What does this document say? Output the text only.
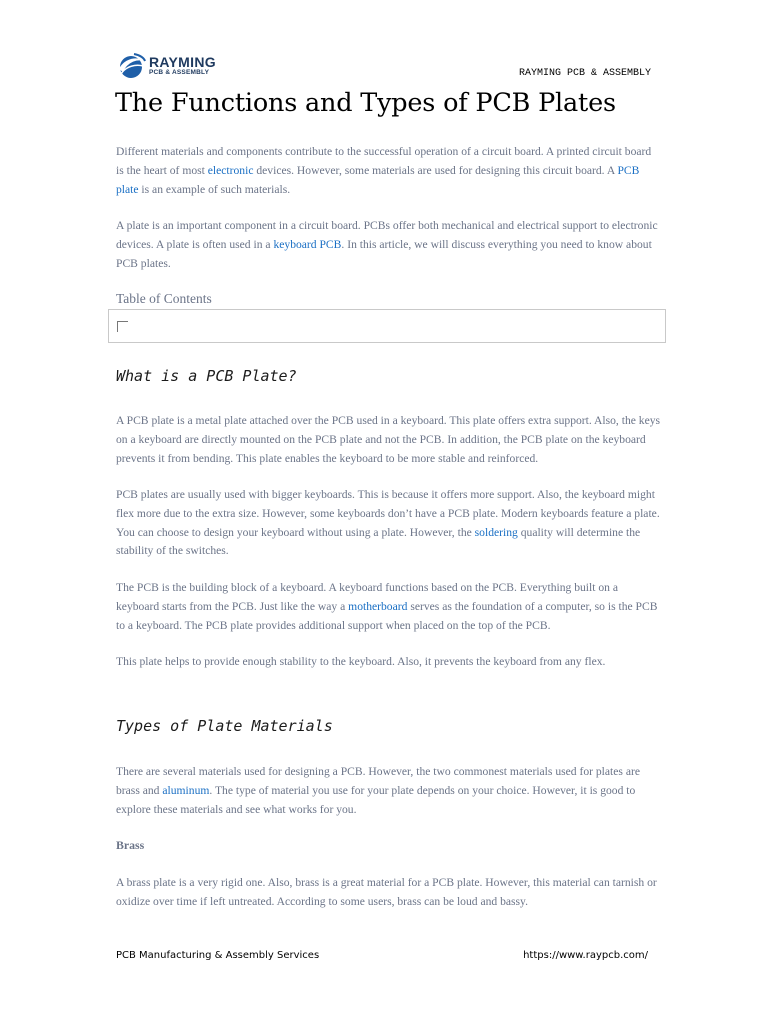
RAYMING
PCB & ASSEMBLY	RAYMING PCB & ASSEMBLY
The Functions and Types of PCB Plates

Different materials and components contribute to the successful operation of a circuit board. A printed circuit board is the heart of most electronic devices. However, some materials are used for designing this circuit board. A PCB plate is an example of such materials.

A plate is an important component in a circuit board. PCBs offer both mechanical and electrical support to electronic devices. A plate is often used in a keyboard PCB. In this article, we will discuss everything you need to know about PCB plates.

Table of Contents
What is a PCB Plate?

A PCB plate is a metal plate attached over the PCB used in a keyboard. This plate offers extra support. Also, the keys on a keyboard are directly mounted on the PCB plate and not the PCB. In addition, the PCB plate on the keyboard prevents it from bending. This plate enables the keyboard to be more stable and reinforced.

PCB plates are usually used with bigger keyboards. This is because it offers more support. Also, the keyboard might flex more due to the extra size. However, some keyboards don’t have a PCB plate. Modern keyboards feature a plate. You can choose to design your keyboard without using a plate. However, the soldering quality will determine the stability of the switches.

The PCB is the building block of a keyboard. A keyboard functions based on the PCB. Everything built on a keyboard starts from the PCB. Just like the way a motherboard serves as the foundation of a computer, so is the PCB to a keyboard. The PCB plate provides additional support when placed on the top of the PCB.

This plate helps to provide enough stability to the keyboard. Also, it prevents the keyboard from any flex.

Types of Plate Materials

There are several materials used for designing a PCB. However, the two commonest materials used for plates are brass and aluminum. The type of material you use for your plate depends on your choice. However, it is good to explore these materials and see what works for you.

Brass

A brass plate is a very rigid one. Also, brass is a great material for a PCB plate. However, this material can tarnish or oxidize over time if left untreated. According to some users, brass can be loud and bassy.

PCB Manufacturing & Assembly Services	https://www.raypcb.com/
